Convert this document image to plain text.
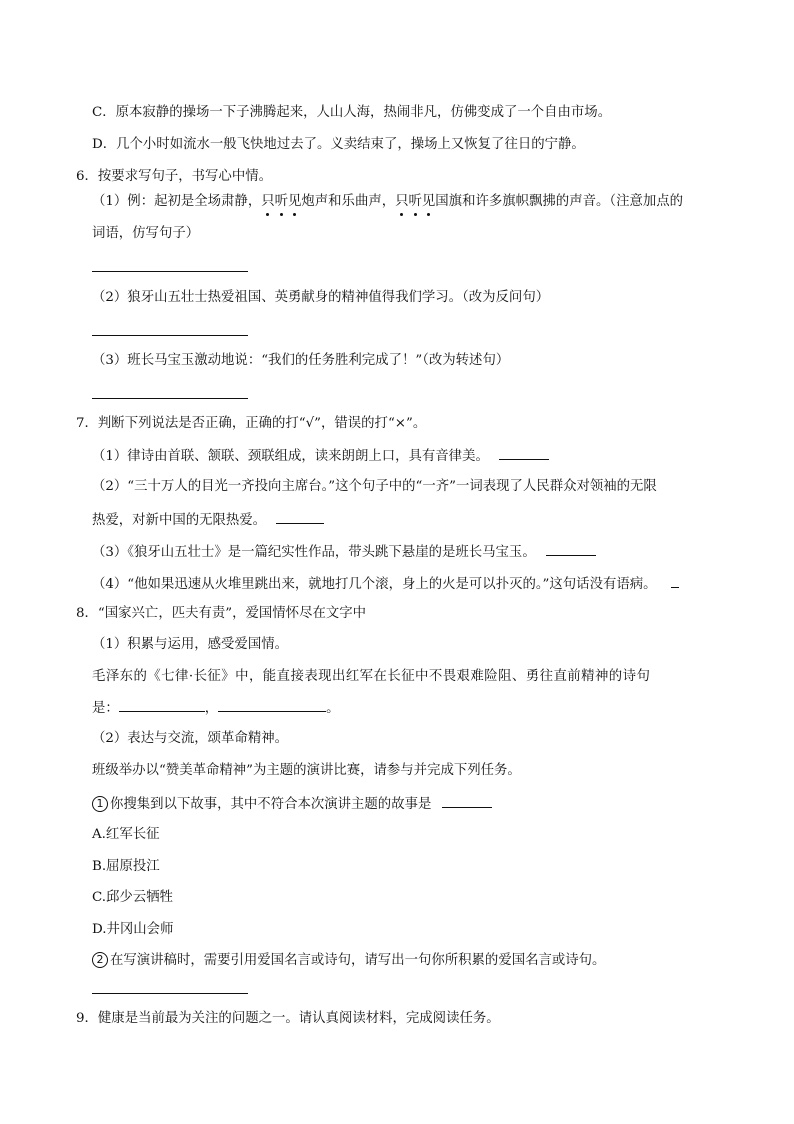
C．原本寂静的操场一下子沸腾起来，人山人海，热闹非凡，仿佛变成了一个自由市场。
D．几个小时如流水一般飞快地过去了。义卖结束了，操场上又恢复了往日的宁静。
6．按要求写句子，书写心中情。
（1）例：起初是全场肃静，只听见炮声和乐曲声，只听见国旗和许多旗帜飘拂的声音。（注意加点的
词语，仿写句子）
（2）狼牙山五壮士热爱祖国、英勇献身的精神值得我们学习。（改为反问句）
（3）班长马宝玉激动地说：“我们的任务胜利完成了！”（改为转述句）
7．判断下列说法是否正确，正确的打“√”，错误的打“×”。
（1）律诗由首联、颔联、颈联组成，读来朗朗上口，具有音律美。
（2）“三十万人的目光一齐投向主席台。”这个句子中的“一齐”一词表现了人民群众对领袖的无限
热爱，对新中国的无限热爱。
（3）《狼牙山五壮士》是一篇纪实性作品，带头跳下悬崖的是班长马宝玉。
（4）“他如果迅速从火堆里跳出来，就地打几个滚，身上的火是可以扑灭的。”这句话没有语病。
8．“国家兴亡，匹夫有责”，爱国情怀尽在文字中
（1）积累与运用，感受爱国情。
毛泽东的《七律·长征》中，能直接表现出红军在长征中不畏艰难险阻、勇往直前精神的诗句
是：	，	。
（2）表达与交流，颂革命精神。
班级举办以“赞美革命精神”为主题的演讲比赛，请参与并完成下列任务。
1 你搜集到以下故事，其中不符合本次演讲主题的故事是
A.红军长征
B.屈原投江
C.邱少云牺牲
D.井冈山会师
2 在写演讲稿时，需要引用爱国名言或诗句，请写出一句你所积累的爱国名言或诗句。
9．健康是当前最为关注的问题之一。请认真阅读材料，完成阅读任务。
